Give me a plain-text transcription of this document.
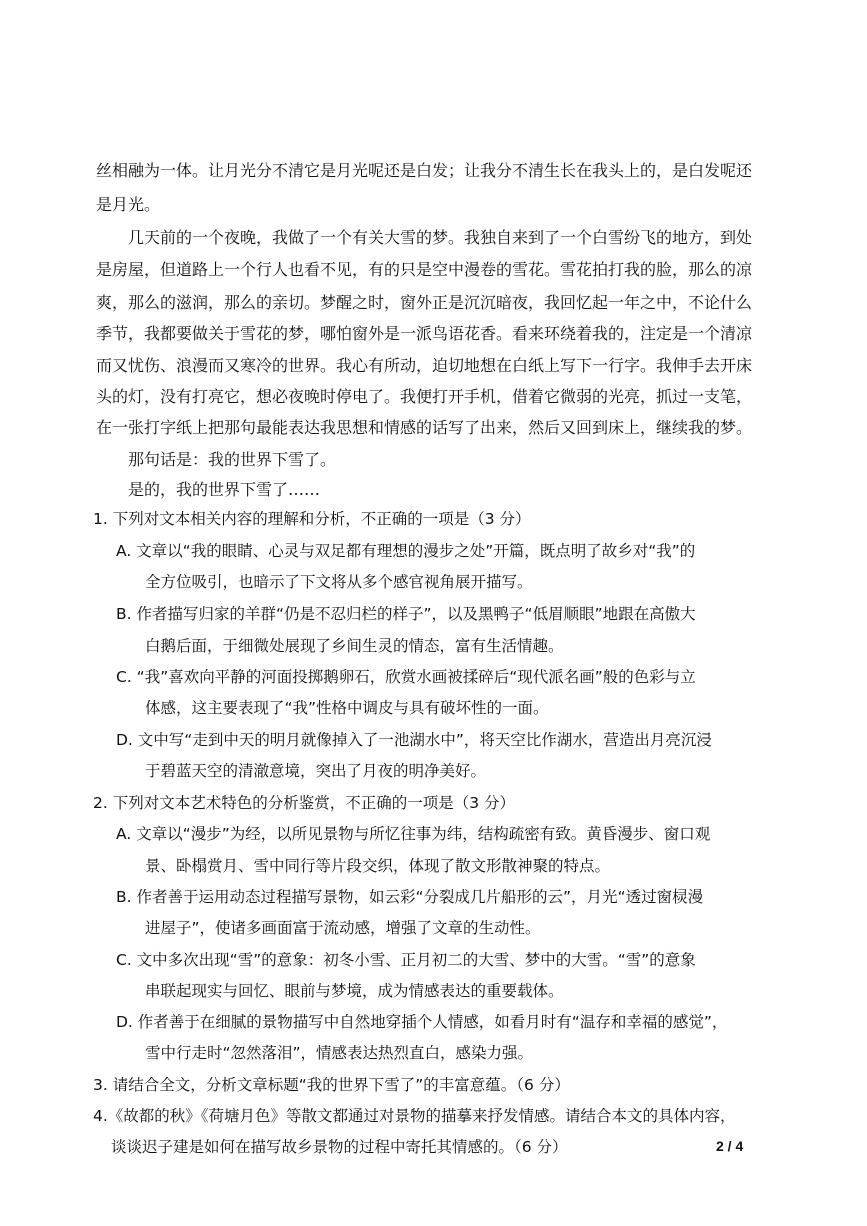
丝相融为一体。让月光分不清它是月光呢还是白发；让我分不清生长在我头上的，是白发呢还
是月光。
几天前的一个夜晚，我做了一个有关大雪的梦。我独自来到了一个白雪纷飞的地方，到处
是房屋，但道路上一个行人也看不见，有的只是空中漫卷的雪花。雪花拍打我的脸，那么的凉
爽，那么的滋润，那么的亲切。梦醒之时，窗外正是沉沉暗夜，我回忆起一年之中，不论什么
季节，我都要做关于雪花的梦，哪怕窗外是一派鸟语花香。看来环绕着我的，注定是一个清凉
而又忧伤、浪漫而又寒冷的世界。我心有所动，迫切地想在白纸上写下一行字。我伸手去开床
头的灯，没有打亮它，想必夜晚时停电了。我便打开手机，借着它微弱的光亮，抓过一支笔，
在一张打字纸上把那句最能表达我思想和情感的话写了出来，然后又回到床上，继续我的梦。
那句话是：我的世界下雪了。
是的，我的世界下雪了……
1. 下列对文本相关内容的理解和分析，不正确的一项是（3 分）
A. 文章以“我的眼睛、心灵与双足都有理想的漫步之处”开篇，既点明了故乡对“我”的
全方位吸引，也暗示了下文将从多个感官视角展开描写。
B. 作者描写归家的羊群“仍是不忍归栏的样子”，以及黑鸭子“低眉顺眼”地跟在高傲大
白鹅后面，于细微处展现了乡间生灵的情态，富有生活情趣。
C. “我”喜欢向平静的河面投掷鹅卵石，欣赏水画被揉碎后“现代派名画”般的色彩与立
体感，这主要表现了“我”性格中调皮与具有破坏性的一面。
D. 文中写“走到中天的明月就像掉入了一池湖水中”，将天空比作湖水，营造出月亮沉浸
于碧蓝天空的清澈意境，突出了月夜的明净美好。
2. 下列对文本艺术特色的分析鉴赏，不正确的一项是（3 分）
A. 文章以“漫步”为经，以所见景物与所忆往事为纬，结构疏密有致。黄昏漫步、窗口观
景、卧榻赏月、雪中同行等片段交织，体现了散文形散神聚的特点。
B. 作者善于运用动态过程描写景物，如云彩“分裂成几片船形的云”，月光“透过窗棂漫
进屋子”，使诸多画面富于流动感，增强了文章的生动性。
C. 文中多次出现“雪”的意象：初冬小雪、正月初二的大雪、梦中的大雪。“雪”的意象
串联起现实与回忆、眼前与梦境，成为情感表达的重要载体。
D. 作者善于在细腻的景物描写中自然地穿插个人情感，如看月时有“温存和幸福的感觉”，
雪中行走时“忽然落泪”，情感表达热烈直白，感染力强。
3. 请结合全文，分析文章标题“我的世界下雪了”的丰富意蕴。（6 分）
4.《故都的秋》《荷塘月色》等散文都通过对景物的描摹来抒发情感。请结合本文的具体内容，
谈谈迟子建是如何在描写故乡景物的过程中寄托其情感的。（6 分）	2 / 4
